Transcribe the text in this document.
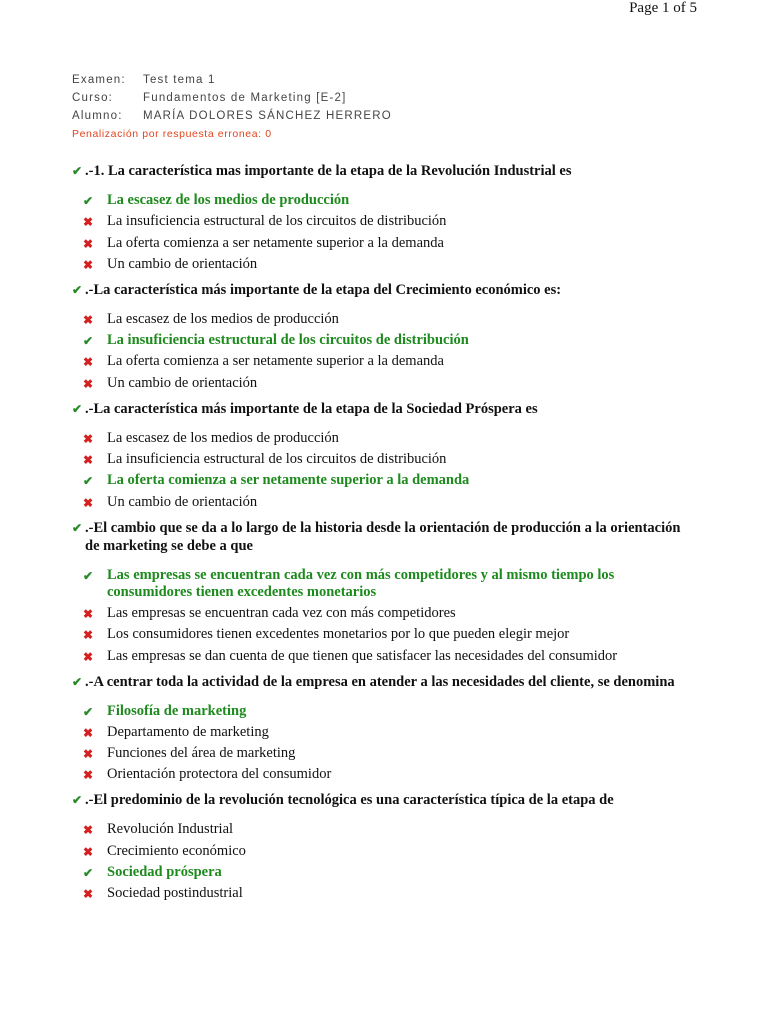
Page 1 of 5
Examen: Test tema 1
Curso:	Fundamentos de Marketing [E-2]
Alumno: MARÍA DOLORES SÁNCHEZ HERRERO
Penalización por respuesta erronea: 0
✔ .-1. La característica mas importante de la etapa de la Revolución Industrial es
✔ La escasez de los medios de producción
✖ La insuficiencia estructural de los circuitos de distribución
✖ La oferta comienza a ser netamente superior a la demanda
✖ Un cambio de orientación
✔ .-La característica más importante de la etapa del Crecimiento económico es:
✖ La escasez de los medios de producción
✔ La insuficiencia estructural de los circuitos de distribución
✖ La oferta comienza a ser netamente superior a la demanda
✖ Un cambio de orientación
✔ .-La característica más importante de la etapa de la Sociedad Próspera es
✖ La escasez de los medios de producción
✖ La insuficiencia estructural de los circuitos de distribución
✔ La oferta comienza a ser netamente superior a la demanda
✖ Un cambio de orientación
✔ .-El cambio que se da a lo largo de la historia desde la orientación de producción a la orientación de marketing se debe a que
✔ Las empresas se encuentran cada vez con más competidores y al mismo tiempo los consumidores tienen excedentes monetarios
✖ Las empresas se encuentran cada vez con más competidores
✖ Los consumidores tienen excedentes monetarios por lo que pueden elegir mejor
✖ Las empresas se dan cuenta de que tienen que satisfacer las necesidades del consumidor
✔ .-A centrar toda la actividad de la empresa en atender a las necesidades del cliente, se denomina
✔ Filosofía de marketing
✖ Departamento de marketing
✖ Funciones del área de marketing
✖ Orientación protectora del consumidor
✔ .-El predominio de la revolución tecnológica es una característica típica de la etapa de
✖ Revolución Industrial
✖ Crecimiento económico
✔ Sociedad próspera
✖ Sociedad postindustrial
